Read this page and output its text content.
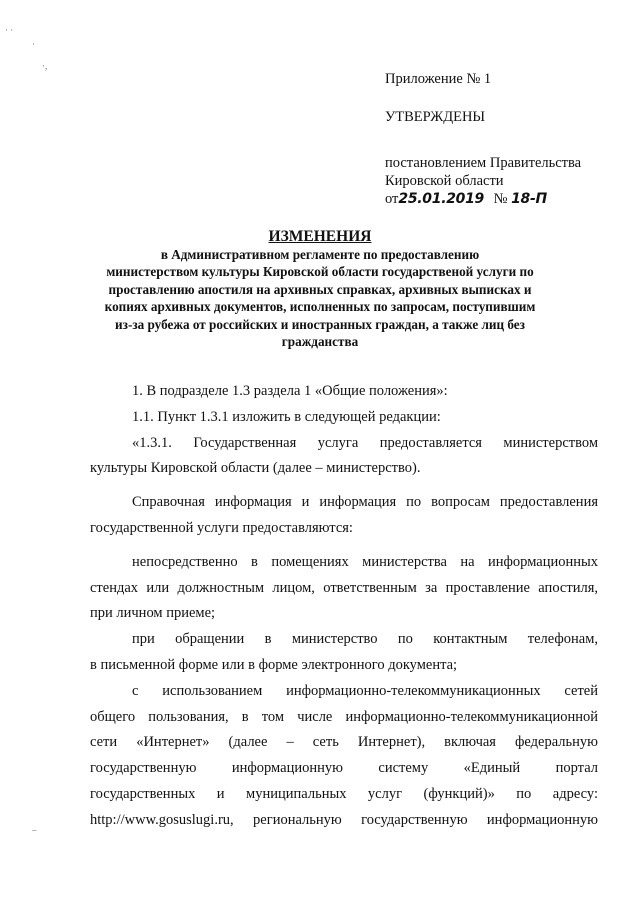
· ·
·
·,
–
Приложение № 1
УТВЕРЖДЕНЫ
постановлением Правительства
Кировской области
от25.01.2019 № 18-П
ИЗМЕНЕНИЯ
в Административном регламенте по предоставлению
министерством культуры Кировской области государственой услуги по
проставлению апостиля на архивных справках, архивных выписках и
копиях архивных документов, исполненных по запросам, поступившим
из-за рубежа от российских и иностранных граждан, а также лиц без
гражданства
1. В подразделе 1.3 раздела 1 «Общие положения»:
1.1. Пункт 1.3.1 изложить в следующей редакции:
«1.3.1. Государственная услуга предоставляется министерством
культуры Кировской области (далее – министерство).
Справочная информация и информация по вопросам предоставления
государственной услуги предоставляются:
непосредственно в помещениях министерства на информационных
стендах или должностным лицом, ответственным за проставление апостиля,
при личном приеме;
при обращении в министерство по контактным телефонам,
в письменной форме или в форме электронного документа;
с использованием информационно-телекоммуникационных сетей
общего пользования, в том числе информационно-телекоммуникационной
сети «Интернет» (далее – сеть Интернет), включая федеральную
государственную информационную систему «Единый портал
государственных и муниципальных услуг (функций)» по адресу:
http://www.gosuslugi.ru, региональную государственную информационную
